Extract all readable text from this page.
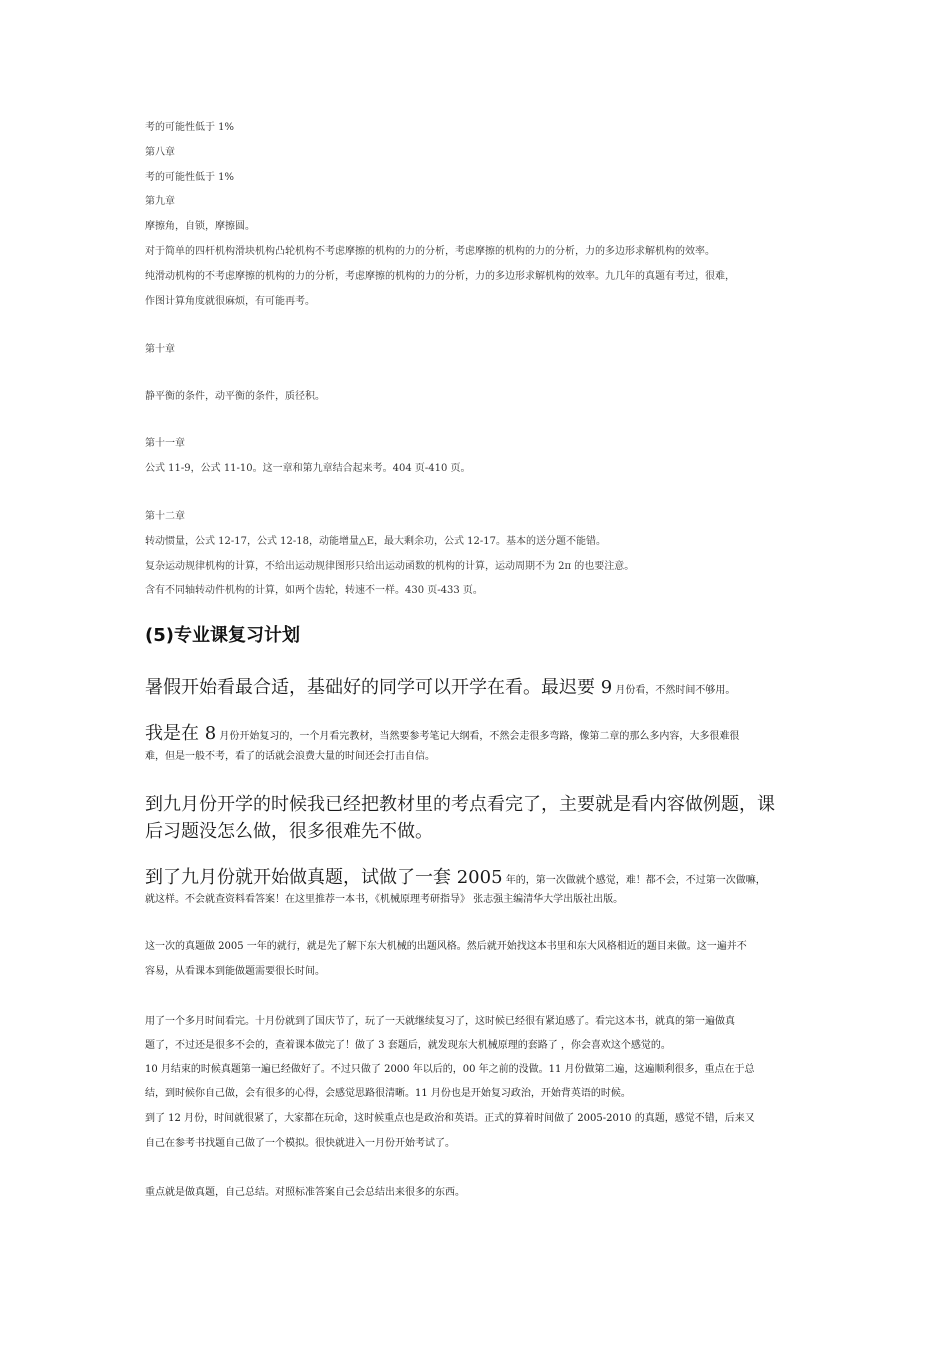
考的可能性低于 1%

第八章

考的可能性低于 1%

第九章

摩擦角，自锁，摩擦圆。

对于简单的四杆机构滑块机构凸轮机构不考虑摩擦的机构的力的分析，考虑摩擦的机构的力的分析，力的多边形求解机构的效率。

纯滑动机构的不考虑摩擦的机构的力的分析，考虑摩擦的机构的力的分析，力的多边形求解机构的效率。九几年的真题有考过，很难，

作图计算角度就很麻烦，有可能再考。

第十章

静平衡的条件，动平衡的条件，质径积。

第十一章

公式 11-9，公式 11-10。这一章和第九章结合起来考。404 页-410 页。

第十二章

转动惯量，公式 12-17，公式 12-18，动能增量△E，最大剩余功，公式 12-17。基本的送分题不能错。

复杂运动规律机构的计算，不给出运动规律图形只给出运动函数的机构的计算，运动周期不为 2π 的也要注意。

含有不同轴转动件机构的计算，如两个齿轮，转速不一样。430 页-433 页。

(5)专业课复习计划

暑假开始看最合适，基础好的同学可以开学在看。最迟要 9 月份看，不然时间不够用。

我是在 8 月份开始复习的，一个月看完教材，当然要参考笔记大纲看，不然会走很多弯路，像第二章的那么多内容，大多很难很

难，但是一般不考，看了的话就会浪费大量的时间还会打击自信。

到九月份开学的时候我已经把教材里的考点看完了，主要就是看内容做例题，课

后习题没怎么做，很多很难先不做。

到了九月份就开始做真题，试做了一套 2005 年的，第一次做就个感觉，难！都不会，不过第一次做嘛，

就这样。不会就查资料看答案！在这里推荐一本书，《机械原理考研指导》 张志强主编清华大学出版社出版。

这一次的真题做 2005 一年的就行，就是先了解下东大机械的出题风格。然后就开始找这本书里和东大风格相近的题目来做。这一遍并不

容易，从看课本到能做题需要很长时间。

用了一个多月时间看完。十月份就到了国庆节了，玩了一天就继续复习了，这时候已经很有紧迫感了。看完这本书，就真的第一遍做真

题了，不过还是很多不会的，查着课本做完了！做了 3 套题后，就发现东大机械原理的套路了 ，你会喜欢这个感觉的。

10 月结束的时候真题第一遍已经做好了。不过只做了 2000 年以后的，00 年之前的没做。11 月份做第二遍，这遍顺利很多，重点在于总

结，到时候你自己做，会有很多的心得，会感觉思路很清晰。11 月份也是开始复习政治，开始背英语的时候。

到了 12 月份，时间就很紧了，大家都在玩命，这时候重点也是政治和英语。正式的算着时间做了 2005-2010 的真题，感觉不错，后来又

自己在参考书找题自己做了一个模拟。很快就进入一月份开始考试了。

重点就是做真题，自己总结。对照标准答案自己会总结出来很多的东西。
